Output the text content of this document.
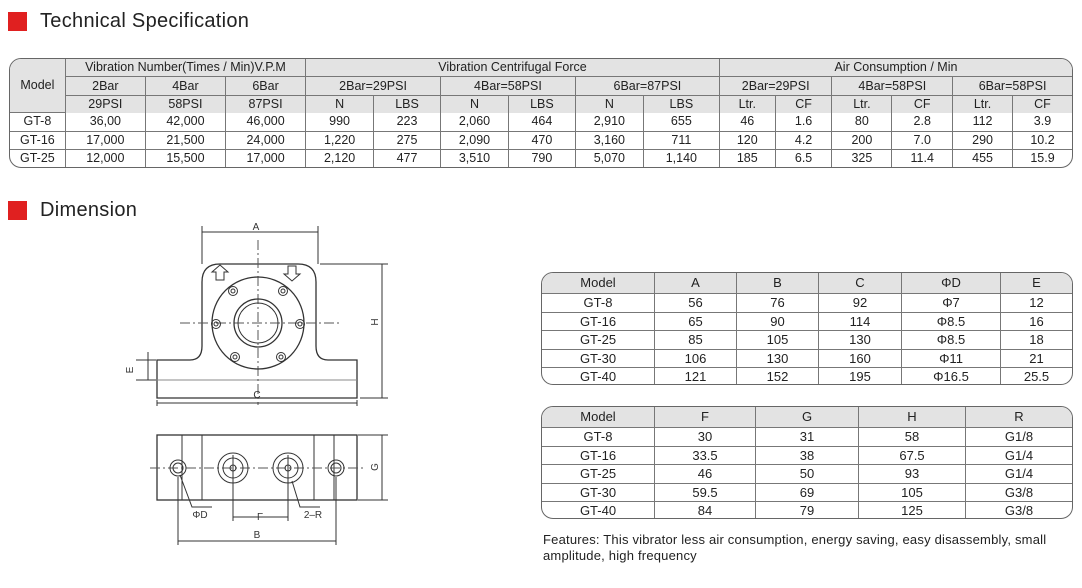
Technical Specification
Model	Vibration Number(Times / Min)V.P.M			Vibration Centrifugal Force						Air Consumption / Min					
	2Bar	4Bar	6Bar	2Bar=29PSI		4Bar=58PSI		6Bar=87PSI		2Bar=29PSI		4Bar=58PSI		6Bar=58PSI	
	29PSI	58PSI	87PSI	N	LBS	N	LBS	N	LBS	Ltr.	CF	Ltr.	CF	Ltr.	CF
GT-8	36,00	42,000	46,000	990	223	2,060	464	2,910	655	46	1.6	80	2.8	112	3.9
GT-16	17,000	21,500	24,000	1,220	275	2,090	470	3,160	711	120	4.2	200	7.0	290	10.2
GT-25	12,000	15,500	17,000	2,120	477	3,510	790	5,070	1,140	185	6.5	325	11.4	455	15.9
Dimension
A
H
E
C
G
ΦD	F	2–R
B
Model	A	B	C	ΦD	E
GT-8	56	76	92	Φ7	12
GT-16	65	90	114	Φ8.5	16
GT-25	85	105	130	Φ8.5	18
GT-30	106	130	160	Φ11	21
GT-40	121	152	195	Φ16.5	25.5
Model	F	G	H	R
GT-8	30	31	58	G1/8
GT-16	33.5	38	67.5	G1/4
GT-25	46	50	93	G1/4
GT-30	59.5	69	105	G3/8
GT-40	84	79	125	G3/8
Features: This vibrator less air consumption, energy saving, easy disassembly, small amplitude, high frequency
